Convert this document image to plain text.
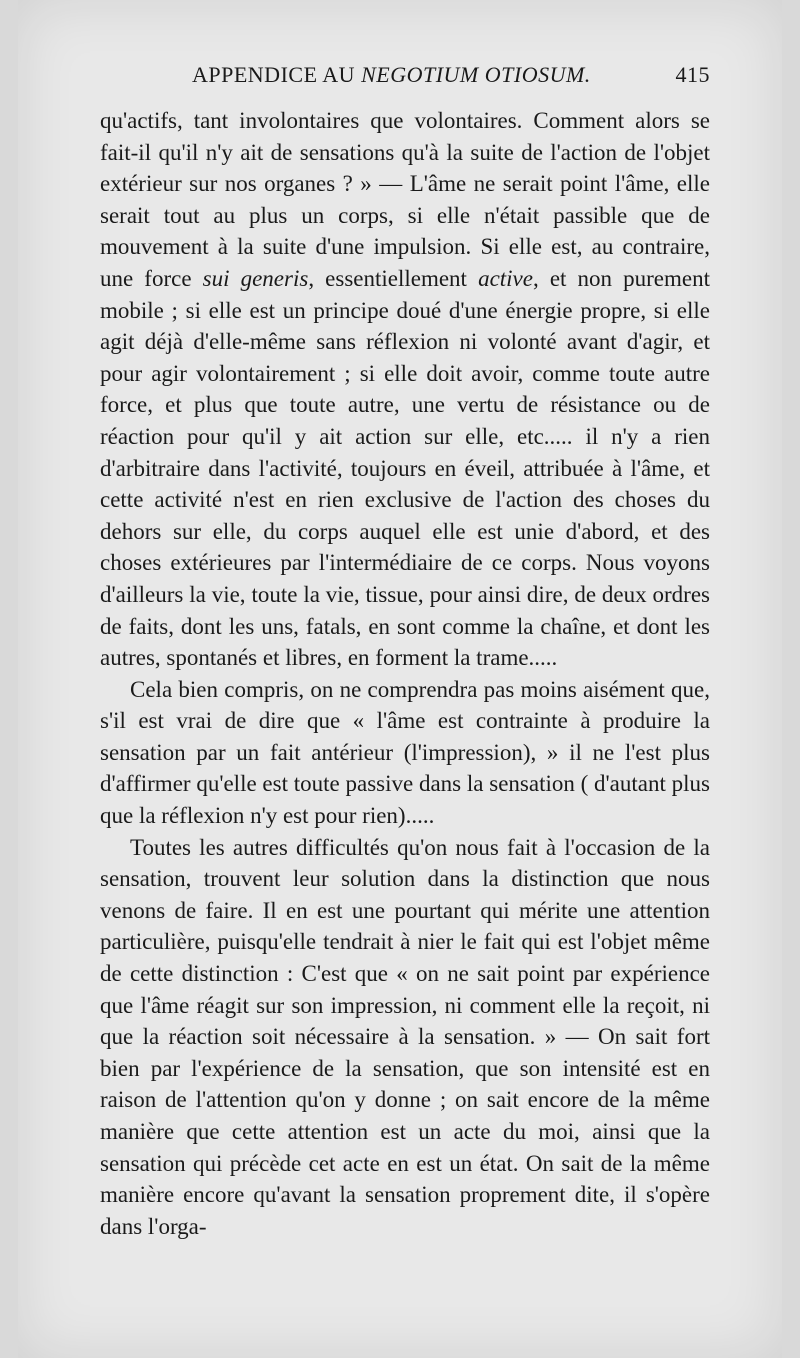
APPENDICE AU NEGOTIUM OTIOSUM.	415

qu'actifs, tant involontaires que volontaires. Comment alors se fait-il qu'il n'y ait de sensations qu'à la suite de l'action de l'objet extérieur sur nos organes ? » — L'âme ne serait point l'âme, elle serait tout au plus un corps, si elle n'était passible que de mouvement à la suite d'une impulsion. Si elle est, au contraire, une force sui generis, essentiellement active, et non purement mobile ; si elle est un principe doué d'une énergie propre, si elle agit déjà d'elle-même sans réflexion ni volonté avant d'agir, et pour agir volontairement ; si elle doit avoir, comme toute autre force, et plus que toute autre, une vertu de résistance ou de réaction pour qu'il y ait action sur elle, etc..... il n'y a rien d'arbitraire dans l'activité, toujours en éveil, attribuée à l'âme, et cette activité n'est en rien exclusive de l'action des choses du dehors sur elle, du corps auquel elle est unie d'abord, et des choses extérieures par l'intermédiaire de ce corps. Nous voyons d'ailleurs la vie, toute la vie, tissue, pour ainsi dire, de deux ordres de faits, dont les uns, fatals, en sont comme la chaîne, et dont les autres, spontanés et libres, en forment la trame.....

Cela bien compris, on ne comprendra pas moins aisément que, s'il est vrai de dire que « l'âme est contrainte à produire la sensation par un fait antérieur (l'impression), » il ne l'est plus d'affirmer qu'elle est toute passive dans la sensation ( d'autant plus que la réflexion n'y est pour rien).....

Toutes les autres difficultés qu'on nous fait à l'occasion de la sensation, trouvent leur solution dans la distinction que nous venons de faire. Il en est une pourtant qui mérite une attention particulière, puisqu'elle tendrait à nier le fait qui est l'objet même de cette distinction : C'est que « on ne sait point par expérience que l'âme réagit sur son impression, ni comment elle la reçoit, ni que la réaction soit nécessaire à la sensation. » — On sait fort bien par l'expérience de la sensation, que son intensité est en raison de l'attention qu'on y donne ; on sait encore de la même manière que cette attention est un acte du moi, ainsi que la sensation qui précède cet acte en est un état. On sait de la même manière encore qu'avant la sensation proprement dite, il s'opère dans l'orga-
